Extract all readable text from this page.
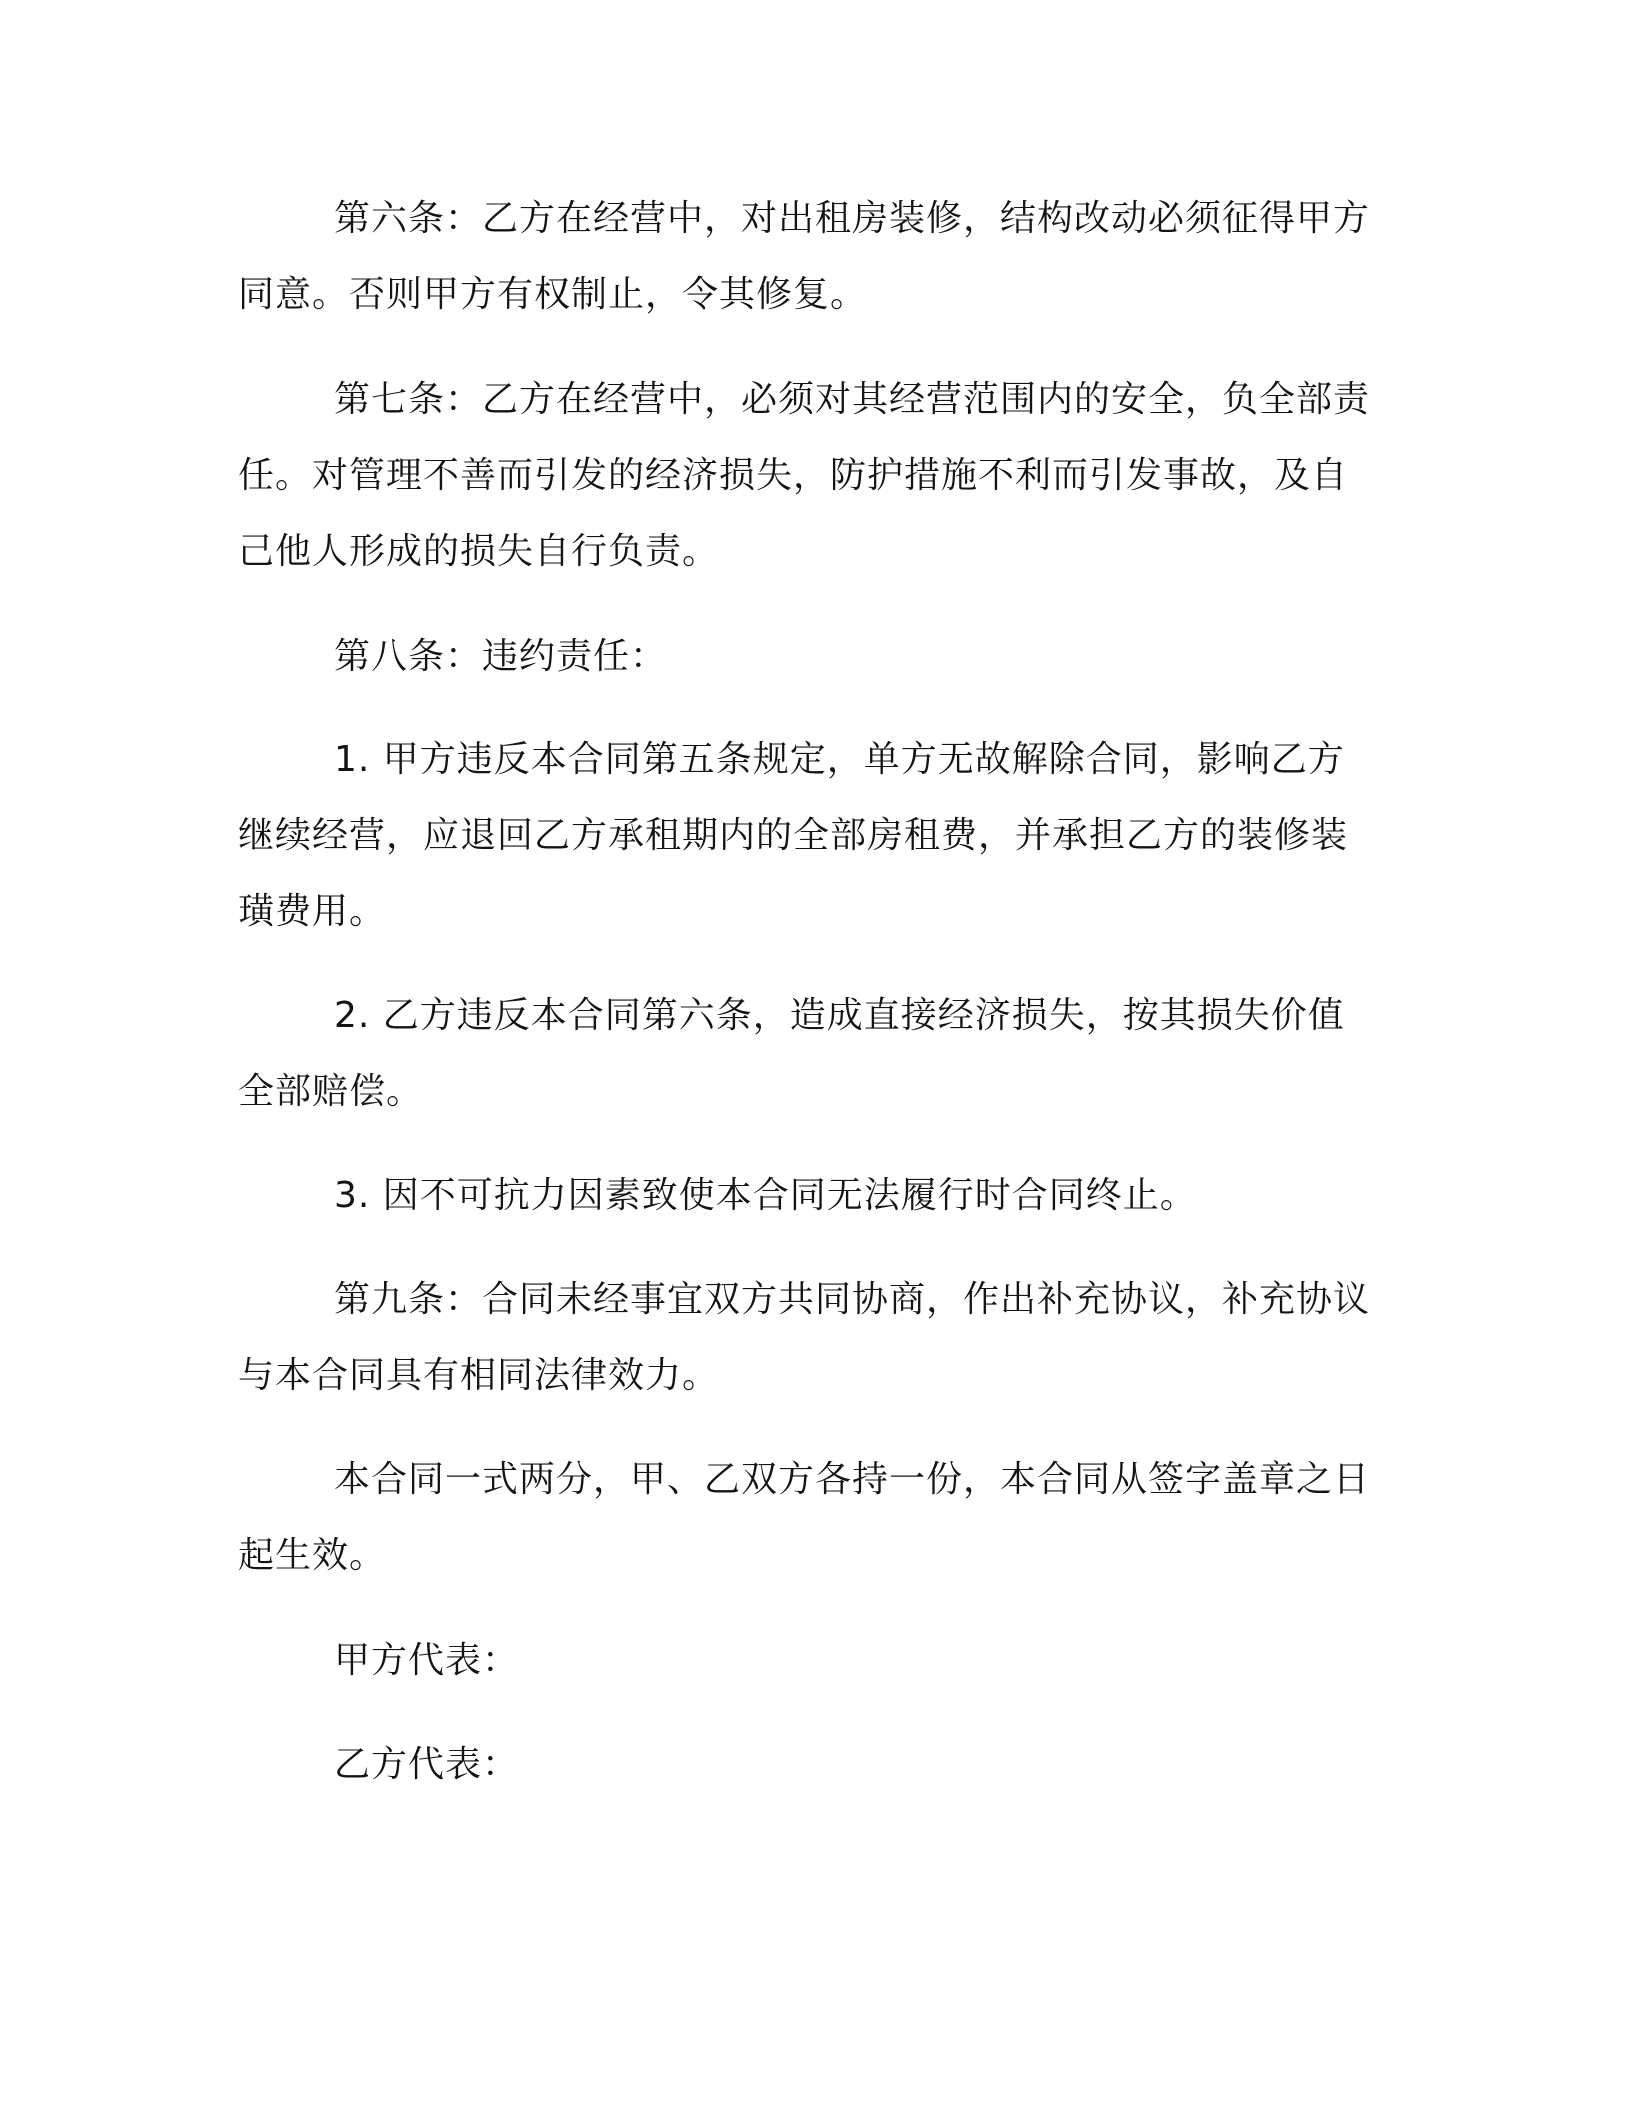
第六条：乙方在经营中，对出租房装修，结构改动必须征得甲方同意。否则甲方有权制止，令其修复。

第七条：乙方在经营中，必须对其经营范围内的安全，负全部责任。对管理不善而引发的经济损失，防护措施不利而引发事故，及自己他人形成的损失自行负责。

第八条：违约责任：

1. 甲方违反本合同第五条规定，单方无故解除合同，影响乙方继续经营，应退回乙方承租期内的全部房租费，并承担乙方的装修装璜费用。

2. 乙方违反本合同第六条，造成直接经济损失，按其损失价值全部赔偿。

3. 因不可抗力因素致使本合同无法履行时合同终止。

第九条：合同未经事宜双方共同协商，作出补充协议，补充协议与本合同具有相同法律效力。

本合同一式两分，甲、乙双方各持一份，本合同从签字盖章之日起生效。

甲方代表：

乙方代表：
